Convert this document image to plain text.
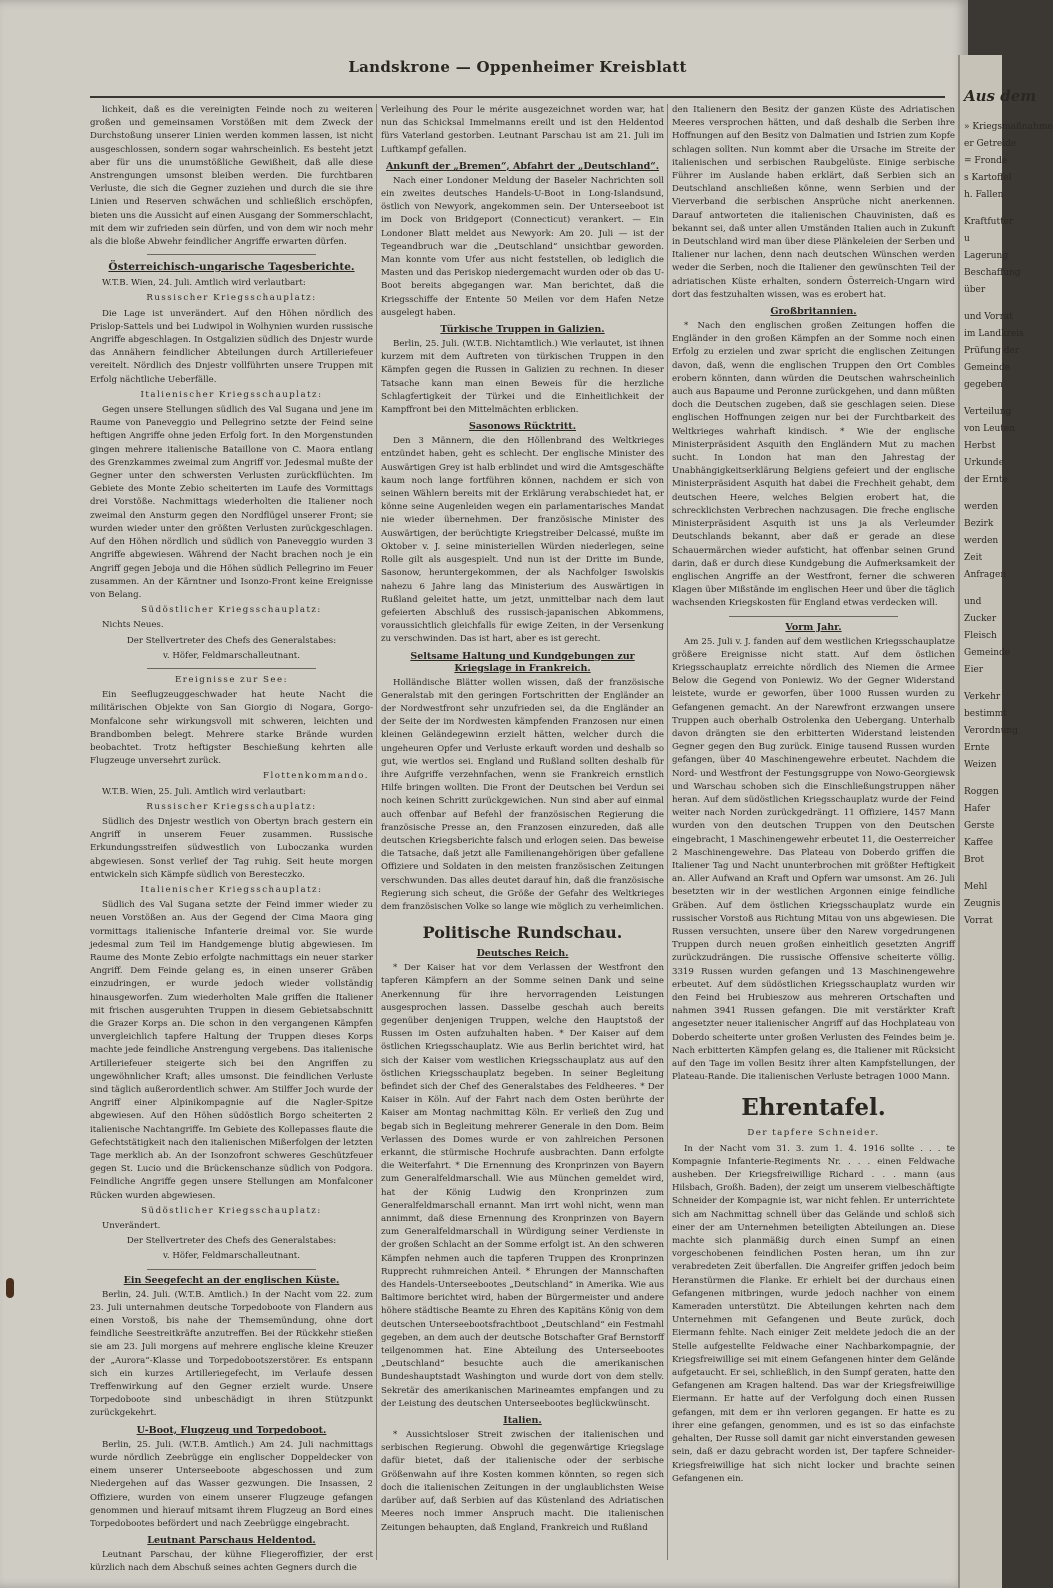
Landskrone — Oppenheimer Kreisblatt

lichkeit, daß es die vereinigten Feinde noch zu weiteren großen und gemeinsamen Vorstößen mit dem Zweck der Durchstoßung unserer Linien werden kommen lassen, ist nicht ausgeschlossen, sondern sogar wahrscheinlich. Es besteht jetzt aber für uns die unumstößliche Gewißheit, daß alle diese Anstrengungen umsonst bleiben werden. Die furchtbaren Verluste, die sich die Gegner zuziehen und durch die sie ihre Linien und Reserven schwächen und schließlich erschöpfen, bieten uns die Aussicht auf einen Ausgang der Sommerschlacht, mit dem wir zufrieden sein dürfen, und von dem wir noch mehr als die bloße Abwehr feindlicher Angriffe erwarten dürfen.

Österreichisch-ungarische Tagesberichte.

W.T.B. Wien, 24. Juli. Amtlich wird verlautbart:

Russischer Kriegsschauplatz:

Die Lage ist unverändert. Auf den Höhen nördlich des Prislop-Sattels und bei Ludwipol in Wolhynien wurden russische Angriffe abgeschlagen. In Ostgalizien südlich des Dnjestr wurde das Annähern feindlicher Abteilungen durch Artilleriefeuer vereitelt. Nördlich des Dnjestr vollführten unsere Truppen mit Erfolg nächtliche Ueberfälle.

Italienischer Kriegsschauplatz:

Gegen unsere Stellungen südlich des Val Sugana und jene im Raume von Paneveggio und Pellegrino setzte der Feind seine heftigen Angriffe ohne jeden Erfolg fort. In den Morgenstunden gingen mehrere italienische Bataillone von C. Maora entlang des Grenzkammes zweimal zum Angriff vor. Jedesmal mußte der Gegner unter den schwersten Verlusten zurückflüchten. Im Gebiete des Monte Zebio scheiterten im Laufe des Vormittags drei Vorstöße. Nachmittags wiederholten die Italiener noch zweimal den Ansturm gegen den Nordflügel unserer Front; sie wurden wieder unter den größten Verlusten zurückgeschlagen. Auf den Höhen nördlich und südlich von Paneveggio wurden 3 Angriffe abgewiesen. Während der Nacht brachen noch je ein Angriff gegen Jeboja und die Höhen südlich Pellegrino im Feuer zusammen. An der Kärntner und Isonzo-Front keine Ereignisse von Belang.

Südöstlicher Kriegsschauplatz:

Nichts Neues.

Der Stellvertreter des Chefs des Generalstabes:

v. Höfer, Feldmarschalleutnant.

Ereignisse zur See:

Ein Seeflugzeuggeschwader hat heute Nacht die militärischen Objekte von San Giorgio di Nogara, Gorgo-Monfalcone sehr wirkungsvoll mit schweren, leichten und Brandbomben belegt. Mehrere starke Brände wurden beobachtet. Trotz heftigster Beschießung kehrten alle Flugzeuge unversehrt zurück.

Flottenkommando.

W.T.B. Wien, 25. Juli. Amtlich wird verlautbart:

Russischer Kriegsschauplatz:

Südlich des Dnjestr westlich von Obertyn brach gestern ein Angriff in unserem Feuer zusammen. Russische Erkundungsstreifen südwestlich von Luboczanka wurden abgewiesen. Sonst verlief der Tag ruhig. Seit heute morgen entwickeln sich Kämpfe südlich von Beresteczko.

Italienischer Kriegsschauplatz:

Südlich des Val Sugana setzte der Feind immer wieder zu neuen Vorstößen an. Aus der Gegend der Cima Maora ging vormittags italienische Infanterie dreimal vor. Sie wurde jedesmal zum Teil im Handgemenge blutig abgewiesen. Im Raume des Monte Zebio erfolgte nachmittags ein neuer starker Angriff. Dem Feinde gelang es, in einen unserer Gräben einzudringen, er wurde jedoch wieder vollständig hinausgeworfen. Zum wiederholten Male griffen die Italiener mit frischen ausgeruhten Truppen in diesem Gebietsabschnitt die Grazer Korps an. Die schon in den vergangenen Kämpfen unvergleichlich tapfere Haltung der Truppen dieses Korps machte jede feindliche Anstrengung vergebens. Das italienische Artilleriefeuer steigerte sich bei den Angriffen zu ungewöhnlicher Kraft; alles umsonst. Die feindlichen Verluste sind täglich außerordentlich schwer. Am Stilffer Joch wurde der Angriff einer Alpinikompagnie auf die Nagler-Spitze abgewiesen. Auf den Höhen südöstlich Borgo scheiterten 2 italienische Nachtangriffe. Im Gebiete des Kollepasses flaute die Gefechtstätigkeit nach den italienischen Mißerfolgen der letzten Tage merklich ab. An der Isonzofront schweres Geschützfeuer gegen St. Lucio und die Brückenschanze südlich von Podgora. Feindliche Angriffe gegen unsere Stellungen am Monfalconer Rücken wurden abgewiesen.

Südöstlicher Kriegsschauplatz:

Unverändert.

Der Stellvertreter des Chefs des Generalstabes:

v. Höfer, Feldmarschalleutnant.

Ein Seegefecht an der englischen Küste.

Berlin, 24. Juli. (W.T.B. Amtlich.) In der Nacht vom 22. zum 23. Juli unternahmen deutsche Torpedoboote von Flandern aus einen Vorstoß, bis nahe der Themsemündung, ohne dort feindliche Seestreitkräfte anzutreffen. Bei der Rückkehr stießen sie am 23. Juli morgens auf mehrere englische kleine Kreuzer der „Aurora“-Klasse und Torpedobootszerstörer. Es entspann sich ein kurzes Artilleriegefecht, im Verlaufe dessen Treffenwirkung auf den Gegner erzielt wurde. Unsere Torpedoboote sind unbeschädigt in ihren Stützpunkt zurückgekehrt.

U-Boot, Flugzeug und Torpedoboot.

Berlin, 25. Juli. (W.T.B. Amtlich.) Am 24. Juli nachmittags wurde nördlich Zeebrügge ein englischer Doppeldecker von einem unserer Unterseeboote abgeschossen und zum Niedergehen auf das Wasser gezwungen. Die Insassen, 2 Offiziere, wurden von einem unserer Flugzeuge gefangen genommen und hierauf mitsamt ihrem Flugzeug an Bord eines Torpedobootes befördert und nach Zeebrügge eingebracht.

Leutnant Parschaus Heldentod.

Leutnant Parschau, der kühne Fliegeroffizier, der erst kürzlich nach dem Abschuß seines achten Gegners durch die

Verleihung des Pour le mérite ausgezeichnet worden war, hat nun das Schicksal Immelmanns ereilt und ist den Heldentod fürs Vaterland gestorben. Leutnant Parschau ist am 21. Juli im Luftkampf gefallen.

Ankunft der „Bremen“, Abfahrt der „Deutschland“.

Nach einer Londoner Meldung der Baseler Nachrichten soll ein zweites deutsches Handels-U-Boot in Long-Islandsund, östlich von Newyork, angekommen sein. Der Unterseeboot ist im Dock von Bridgeport (Connecticut) verankert. — Ein Londoner Blatt meldet aus Newyork: Am 20. Juli — ist der Tegeandbruch war die „Deutschland“ unsichtbar geworden. Man konnte vom Ufer aus nicht feststellen, ob lediglich die Masten und das Periskop niedergemacht wurden oder ob das U-Boot bereits abgegangen war. Man berichtet, daß die Kriegsschiffe der Entente 50 Meilen vor dem Hafen Netze ausgelegt haben.

Türkische Truppen in Galizien.

Berlin, 25. Juli. (W.T.B. Nichtamtlich.) Wie verlautet, ist ihnen kurzem mit dem Auftreten von türkischen Truppen in den Kämpfen gegen die Russen in Galizien zu rechnen. In dieser Tatsache kann man einen Beweis für die herzliche Schlagfertigkeit der Türkei und die Einheitlichkeit der Kampffront bei den Mittelmächten erblicken.

Sasonows Rücktritt.

Den 3 Männern, die den Höllenbrand des Weltkrieges entzündet haben, geht es schlecht. Der englische Minister des Auswärtigen Grey ist halb erblindet und wird die Amtsgeschäfte kaum noch lange fortführen können, nachdem er sich von seinen Wählern bereits mit der Erklärung verabschiedet hat, er könne seine Augenleiden wegen ein parlamentarisches Mandat nie wieder übernehmen. Der französische Minister des Auswärtigen, der berüchtigte Kriegstreiber Delcassé, mußte im Oktober v. J. seine ministeriellen Würden niederlegen, seine Rolle gilt als ausgespielt. Und nun ist der Dritte im Bunde, Sasonow, heruntergekommen, der als Nachfolger Iswolskis nahezu 6 Jahre lang das Ministerium des Auswärtigen in Rußland geleitet hatte, um jetzt, unmittelbar nach dem laut gefeierten Abschluß des russisch-japanischen Abkommens, voraussichtlich gleichfalls für ewige Zeiten, in der Versenkung zu verschwinden. Das ist hart, aber es ist gerecht.

Seltsame Haltung und Kundgebungen zur Kriegslage in Frankreich.

Holländische Blätter wollen wissen, daß der französische Generalstab mit den geringen Fortschritten der Engländer an der Nordwestfront sehr unzufrieden sei, da die Engländer an der Seite der im Nordwesten kämpfenden Franzosen nur einen kleinen Geländegewinn erzielt hätten, welcher durch die ungeheuren Opfer und Verluste erkauft worden und deshalb so gut, wie wertlos sei. England und Rußland sollten deshalb für ihre Aufgriffe verzehnfachen, wenn sie Frankreich ernstlich Hilfe bringen wollten. Die Front der Deutschen bei Verdun sei noch keinen Schritt zurückgewichen. Nun sind aber auf einmal auch offenbar auf Befehl der französischen Regierung die französische Presse an, den Franzosen einzureden, daß alle deutschen Kriegsberichte falsch und erlogen seien. Das beweise die Tatsache, daß jetzt alle Familienangehörigen über gefallene Offiziere und Soldaten in den meisten französischen Zeitungen verschwunden. Das alles deutet darauf hin, daß die französische Regierung sich scheut, die Größe der Gefahr des Weltkrieges dem französischen Volke so lange wie möglich zu verheimlichen.

Politische Rundschau.
Deutsches Reich.

* Der Kaiser hat vor dem Verlassen der Westfront den tapferen Kämpfern an der Somme seinen Dank und seine Anerkennung für ihre hervorragenden Leistungen ausgesprochen lassen. Dasselbe geschah auch bereits gegenüber denjenigen Truppen, welche den Hauptstoß der Russen im Osten aufzuhalten haben. * Der Kaiser auf dem östlichen Kriegsschauplatz. Wie aus Berlin berichtet wird, hat sich der Kaiser vom westlichen Kriegsschauplatz aus auf den östlichen Kriegsschauplatz begeben. In seiner Begleitung befindet sich der Chef des Generalstabes des Feldheeres. * Der Kaiser in Köln. Auf der Fahrt nach dem Osten berührte der Kaiser am Montag nachmittag Köln. Er verließ den Zug und begab sich in Begleitung mehrerer Generale in den Dom. Beim Verlassen des Domes wurde er von zahlreichen Personen erkannt, die stürmische Hochrufe ausbrachten. Dann erfolgte die Weiterfahrt. * Die Ernennung des Kronprinzen von Bayern zum Generalfeldmarschall. Wie aus München gemeldet wird, hat der König Ludwig den Kronprinzen zum Generalfeldmarschall ernannt. Man irrt wohl nicht, wenn man annimmt, daß diese Ernennung des Kronprinzen von Bayern zum Generalfeldmarschall in Würdigung seiner Verdienste in der großen Schlacht an der Somme erfolgt ist. An den schweren Kämpfen nehmen auch die tapferen Truppen des Kronprinzen Rupprecht ruhmreichen Anteil. * Ehrungen der Mannschaften des Handels-Unterseebootes „Deutschland“ in Amerika. Wie aus Baltimore berichtet wird, haben der Bürgermeister und andere höhere städtische Beamte zu Ehren des Kapitäns König von dem deutschen Unterseebootsfrachtboot „Deutschland“ ein Festmahl gegeben, an dem auch der deutsche Botschafter Graf Bernstorff teilgenommen hat. Eine Abteilung des Unterseebootes „Deutschland“ besuchte auch die amerikanischen Bundeshauptstadt Washington und wurde dort von dem stellv. Sekretär des amerikanischen Marineamtes empfangen und zu der Leistung des deutschen Unterseebootes beglückwünscht.

Italien.

* Aussichtsloser Streit zwischen der italienischen und serbischen Regierung. Obwohl die gegenwärtige Kriegslage dafür bietet, daß der italienische oder der serbische Größenwahn auf ihre Kosten kommen könnten, so regen sich doch die italienischen Zeitungen in der unglaublichsten Weise darüber auf, daß Serbien auf das Küstenland des Adriatischen Meeres noch immer Anspruch macht. Die italienischen Zeitungen behaupten, daß England, Frankreich und Rußland

den Italienern den Besitz der ganzen Küste des Adriatischen Meeres versprochen hätten, und daß deshalb die Serben ihre Hoffnungen auf den Besitz von Dalmatien und Istrien zum Kopfe schlagen sollten. Nun kommt aber die Ursache im Streite der italienischen und serbischen Raubgelüste. Einige serbische Führer im Auslande haben erklärt, daß Serbien sich an Deutschland anschließen könne, wenn Serbien und der Vierverband die serbischen Ansprüche nicht anerkennen. Darauf antworteten die italienischen Chauvinisten, daß es bekannt sei, daß unter allen Umständen Italien auch in Zukunft in Deutschland wird man über diese Plänkeleien der Serben und Italiener nur lachen, denn nach deutschen Wünschen werden weder die Serben, noch die Italiener den gewünschten Teil der adriatischen Küste erhalten, sondern Österreich-Ungarn wird dort das festzuhalten wissen, was es erobert hat.

Großbritannien.

* Nach den englischen großen Zeitungen hoffen die Engländer in den großen Kämpfen an der Somme noch einen Erfolg zu erzielen und zwar spricht die englischen Zeitungen davon, daß, wenn die englischen Truppen den Ort Combles erobern könnten, dann würden die Deutschen wahrscheinlich auch aus Bapaume und Peronne zurückgehen, und dann müßten doch die Deutschen zugeben, daß sie geschlagen seien. Diese englischen Hoffnungen zeigen nur bei der Furchtbarkeit des Weltkrieges wahrhaft kindisch. * Wie der englische Ministerpräsident Asquith den Engländern Mut zu machen sucht. In London hat man den Jahrestag der Unabhängigkeitserklärung Belgiens gefeiert und der englische Ministerpräsident Asquith hat dabei die Frechheit gehabt, dem deutschen Heere, welches Belgien erobert hat, die schrecklichsten Verbrechen nachzusagen. Die freche englische Ministerpräsident Asquith ist uns ja als Verleumder Deutschlands bekannt, aber daß er gerade an diese Schauermärchen wieder aufsticht, hat offenbar seinen Grund darin, daß er durch diese Kundgebung die Aufmerksamkeit der englischen Angriffe an der Westfront, ferner die schweren Klagen über Mißstände im englischen Heer und über die täglich wachsenden Kriegskosten für England etwas verdecken will.

Vorm Jahr.

Am 25. Juli v. J. fanden auf dem westlichen Kriegsschauplatze größere Ereignisse nicht statt. Auf dem östlichen Kriegsschauplatz erreichte nördlich des Niemen die Armee Below die Gegend von Poniewiz. Wo der Gegner Widerstand leistete, wurde er geworfen, über 1000 Russen wurden zu Gefangenen gemacht. An der Narewfront erzwangen unsere Truppen auch oberhalb Ostrolenka den Uebergang. Unterhalb davon drängten sie den erbitterten Widerstand leistenden Gegner gegen den Bug zurück. Einige tausend Russen wurden gefangen, über 40 Maschinengewehre erbeutet. Nachdem die Nord- und Westfront der Festungsgruppe von Nowo-Georgiewsk und Warschau schoben sich die Einschließungstruppen näher heran. Auf dem südöstlichen Kriegsschauplatz wurde der Feind weiter nach Norden zurückgedrängt. 11 Offiziere, 1457 Mann wurden von den deutschen Truppen von den Deutschen eingebracht, 1 Maschinengewehr erbeutet 11, die Oesterreicher 2 Maschinengewehre. Das Plateau von Doberdo griffen die Italiener Tag und Nacht ununterbrochen mit größter Heftigkeit an. Aller Aufwand an Kraft und Opfern war umsonst. Am 26. Juli besetzten wir in der westlichen Argonnen einige feindliche Gräben. Auf dem östlichen Kriegsschauplatz wurde ein russischer Vorstoß aus Richtung Mitau von uns abgewiesen. Die Russen versuchten, unsere über den Narew vorgedrungenen Truppen durch neuen großen einheitlich gesetzten Angriff zurückzudrängen. Die russische Offensive scheiterte völlig. 3319 Russen wurden gefangen und 13 Maschinengewehre erbeutet. Auf dem südöstlichen Kriegsschauplatz wurden wir den Feind bei Hrubieszow aus mehreren Ortschaften und nahmen 3941 Russen gefangen. Die mit verstärkter Kraft angesetzter neuer italienischer Angriff auf das Hochplateau von Doberdo scheiterte unter großen Verlusten des Feindes beim je. Nach erbitterten Kämpfen gelang es, die Italiener mit Rücksicht auf den Tage im vollen Besitz ihrer alten Kampfstellungen, der Plateau-Rande. Die italienischen Verluste betragen 1000 Mann.

Ehrentafel.

Der tapfere Schneider.

In der Nacht vom 31. 3. zum 1. 4. 1916 sollte . . . te Kompagnie Infanterie-Regiments Nr. . . . einen Feldwache ausheben. Der Kriegsfreiwillige Richard . . . mann (aus Hilsbach, Großh. Baden), der zeigt um unserem vielbeschäftigte Schneider der Kompagnie ist, war nicht fehlen. Er unterrichtete sich am Nachmittag schnell über das Gelände und schloß sich einer der am Unternehmen beteiligten Abteilungen an. Diese machte sich planmäßig durch einen Sumpf an einen vorgeschobenen feindlichen Posten heran, um ihn zur verabredeten Zeit überfallen. Die Angreifer griffen jedoch beim Heranstürmen die Flanke. Er erhielt bei der durchaus einen Gefangenen mitbringen, wurde jedoch nachher von einem Kameraden unterstützt. Die Abteilungen kehrten nach dem Unternehmen mit Gefangenen und Beute zurück, doch Eiermann fehlte. Nach einiger Zeit meldete jedoch die an der Stelle aufgestellte Feldwache einer Nachbarkompagnie, der Kriegsfreiwillige sei mit einem Gefangenen hinter dem Gelände aufgetaucht. Er sei, schließlich, in den Sumpf geraten, hatte den Gefangenen am Kragen haltend. Das war der Kriegsfreiwillige Eiermann. Er hatte auf der Verfolgung doch einen Russen gefangen, mit dem er ihn verloren gegangen. Er hatte es zu ihrer eine gefangen, genommen, und es ist so das einfachste gehalten, Der Russe soll damit gar nicht einverstanden gewesen sein, daß er dazu gebracht worden ist, Der tapfere Schneider-Kriegsfreiwillige hat sich nicht locker und brachte seinen Gefangenen ein.

Aus dem
» Kriegsmaßnahme
er Getreide
= Fronde
s Kartoffel
h. Fallen
Kraftfutter
u
Lagerung
Beschaffung
über
und Vorrat
im Landkreis
Prüfung der
Gemeinde
gegeben
Verteilung
von Leuten
Herbst
Urkunde
der Ernte
werden
Bezirk
werden
Zeit
Anfragen
und
Zucker
Fleisch
Gemeinde
Eier
Verkehr
bestimmt
Verordnung
Ernte
Weizen
Roggen
Hafer
Gerste
Kaffee
Brot
Mehl
Zeugnis
Vorrat
